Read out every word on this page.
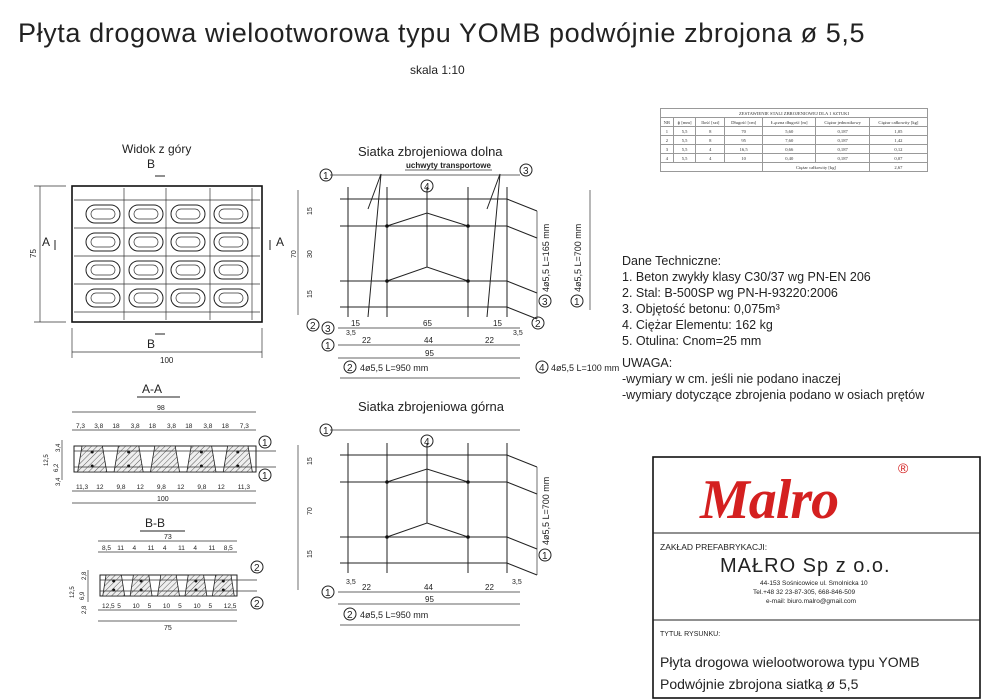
Płyta drogowa wielootworowa typu YOMB podwójnie zbrojona ø 5,5
skala 1:10
Widok z góry
75
100
A	A
B
B
Siatka zbrojeniowa dolna
uchwyty transportowe
1	3
4
15
30
15
70
2	2
3
15	65	15
3,5	3,5
1
22	44	22
95
2 4ø5,5 L=950 mm
3
4ø5,5 L=165 mm
1
4ø5,5 L=700 mm
4 4ø5,5 L=100 mm
Siatka zbrojeniowa górna
1
4
15
70
15
1
3,5
22	44	22
3,5
95
2 4ø5,5 L=950 mm
1
4ø5,5 L=700 mm
A-A
98
7,3 3,8 18 3,8 18 3,8 18 3,8 18 7,3
11,3 12 9,8 12 9,8 12 9,8 12 11,3
100
12,5
3,4
6,2
3,4
1
1
B-B
73
8,5 11 4 11 4 11 4 11 8,5
12,5 5 10 5 10 5 10 5 12,5
75
12,5
2,8
6,9
2,8
2
2
ZESTAWIENIE STALI ZBROJENIOWEJ DLA 1 SZTUKI
NR	ɸ [mm]	Ilość [szt]	Długość [cm]	Łączna długość [m]	Ciężar jednostkowy	Ciężar całkowity [kg]
1	5,5	8	70	5,60	0,187	1,05
2	5,5	8	95	7,60	0,187	1,42
3	5,5	4	16,5	0,66	0,187	0,12
4	5,5	4	10	0,40	0,187	0,07
	Ciężar całkowity [kg]	2,67
Dane Techniczne:
1. Beton zwykły klasy C30/37 wg PN-EN 206
2. Stal: B-500SP wg PN-H-93220:2006
3. Objętość betonu: 0,075m³
4. Ciężar Elementu: 162 kg
5. Otulina: Cnom=25 mm
UWAGA:
-wymiary w cm. jeśli nie podano inaczej
-wymiary dotyczące zbrojenia podano w osiach prętów
Malro
®
ZAKŁAD PREFABRYKACJI:
MAŁRO Sp z o.o.
44-153 Sośnicowice ul. Smolnicka 10
Tel.+48 32 23-87-305, 668-846-509
e-mail: biuro.malro@gmail.com
TYTUŁ RYSUNKU:
Płyta drogowa wielootworowa typu YOMB
Podwójnie zbrojona siatką ø 5,5
